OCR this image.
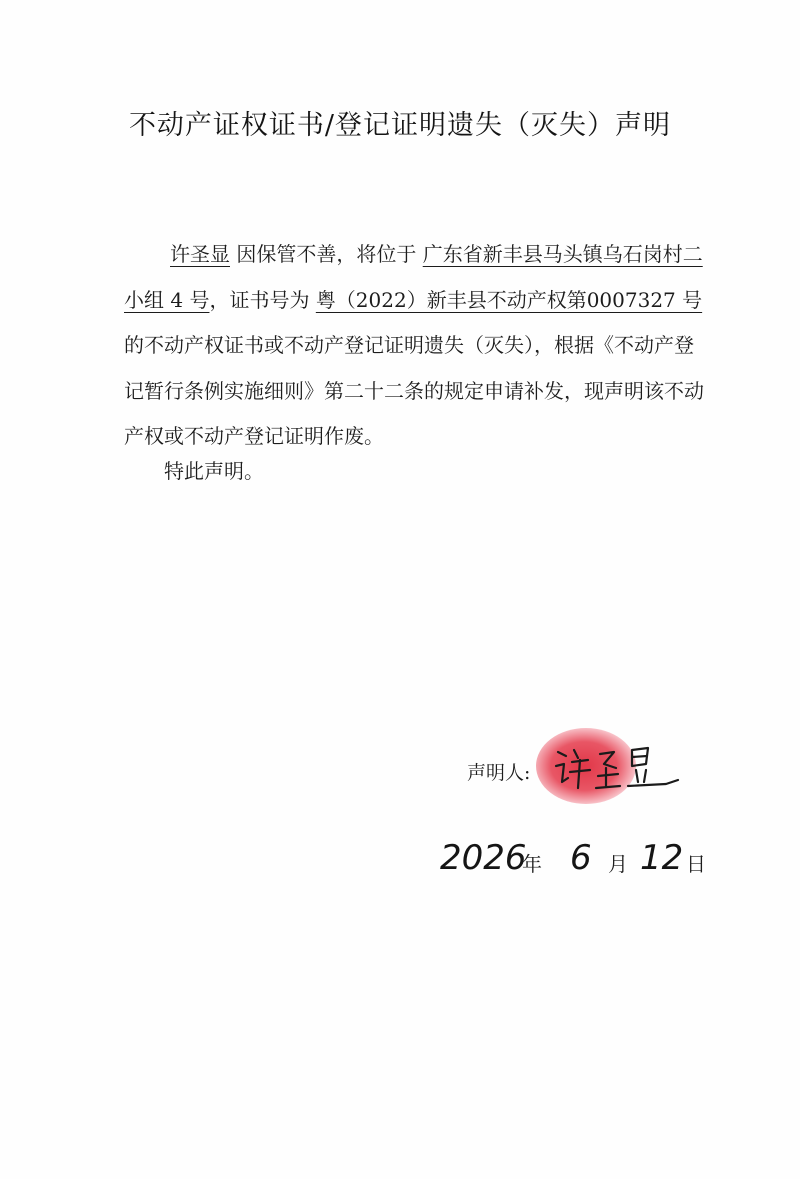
不动产证权证书/登记证明遗失（灭失）声明
许圣显 因保管不善，将位于 广东省新丰县马头镇乌石岗村二小组 4 号，证书号为 粤（2022）新丰县不动产权第0007327 号 的不动产权证书或不动产登记证明遗失（灭失），根据《不动产登记暂行条例实施细则》第二十二条的规定申请补发，现声明该不动产权或不动产登记证明作废。
特此声明。
声明人:
2026
年 6 月 12 日
